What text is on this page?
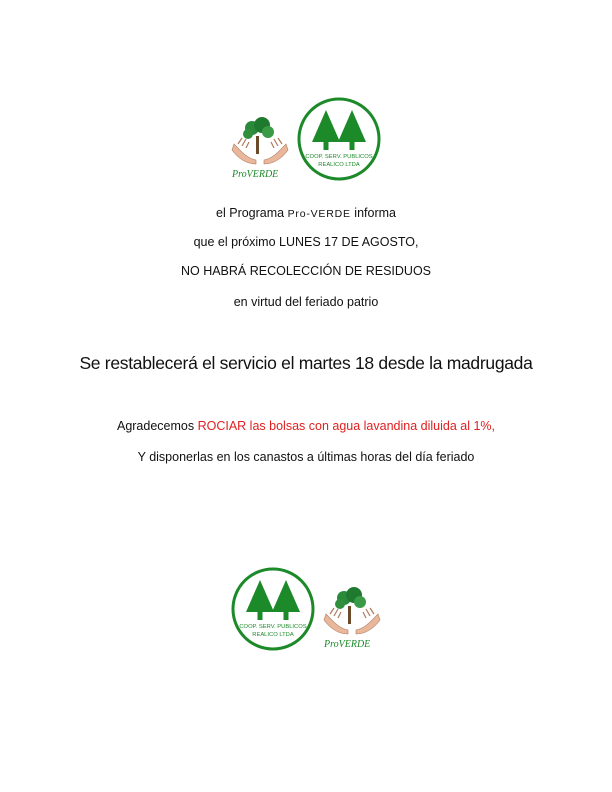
ProVERDE
COOP. SERV. PUBLICOS
REALICO LTDA
el Programa Pro-VERDE informa
que el próximo LUNES 17 DE AGOSTO,
NO HABRÁ RECOLECCIÓN DE RESIDUOS
en virtud del feriado patrio
Se restablecerá el servicio el martes 18 desde la madrugada
Agradecemos ROCIAR las bolsas con agua lavandina diluida al 1%,
Y disponerlas en los canastos a últimas horas del día feriado
COOP. SERV. PUBLICOS
REALICO LTDA
ProVERDE
